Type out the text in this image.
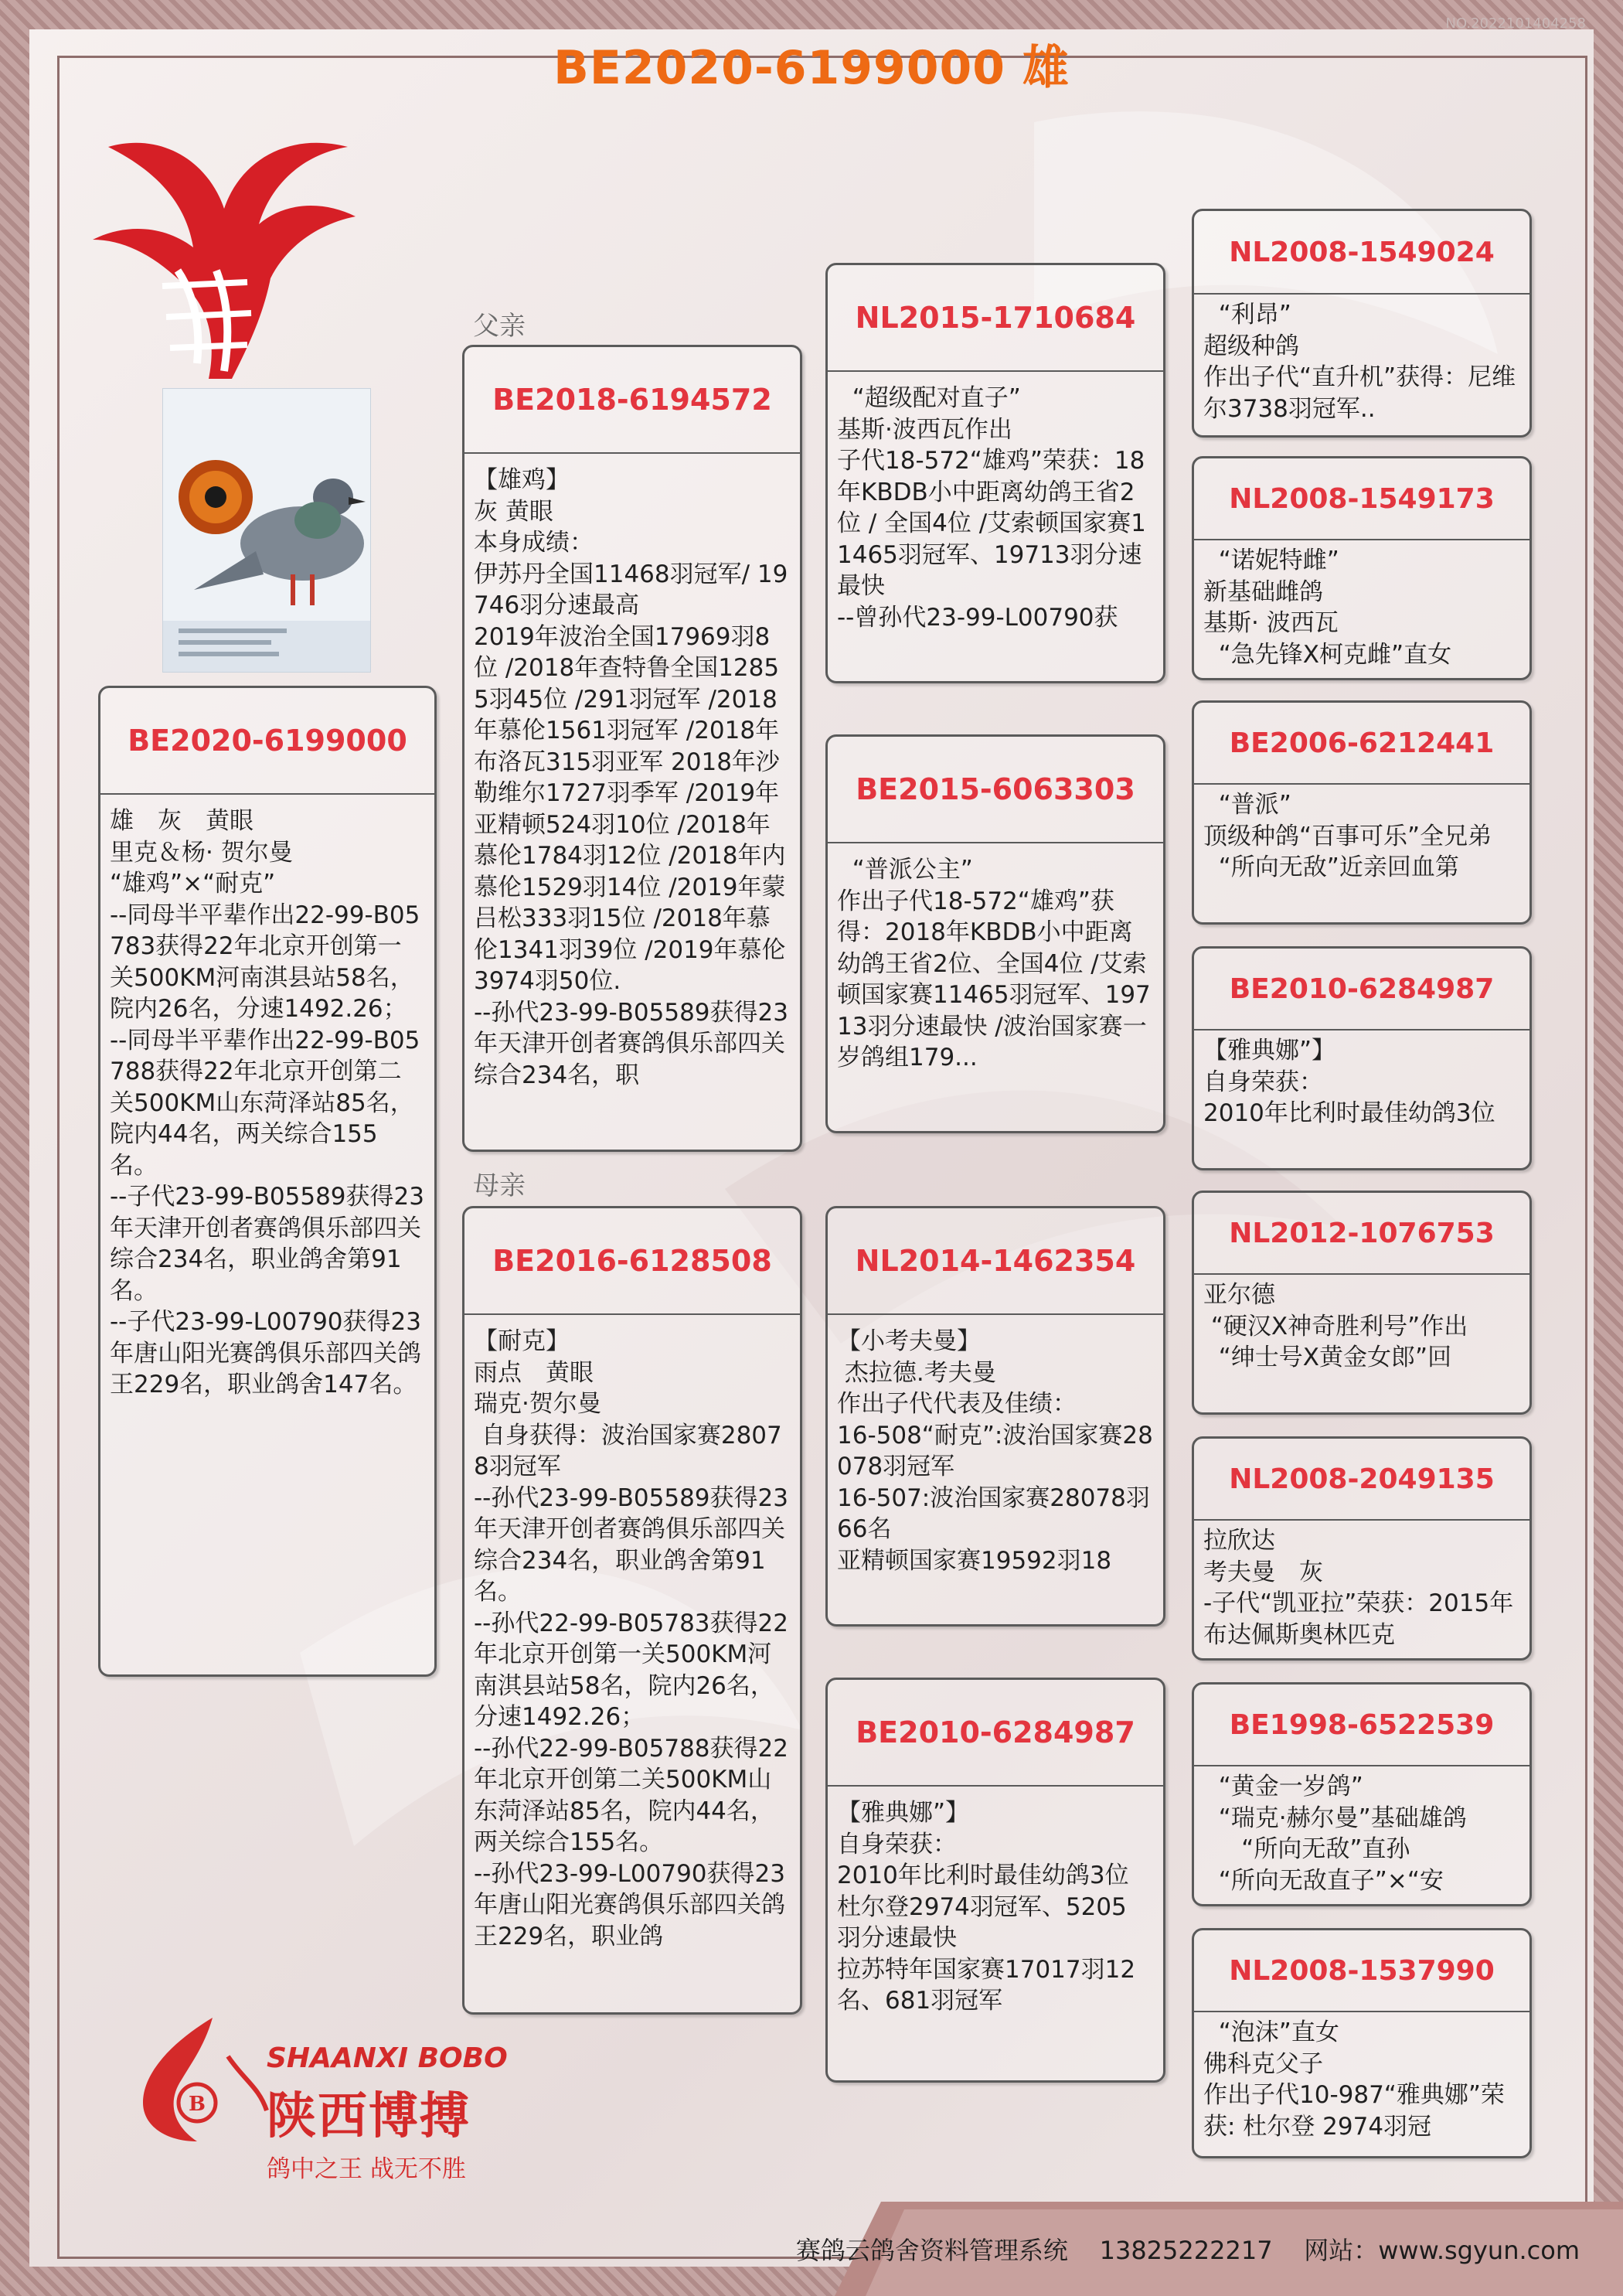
NO.2022101404258
BE2020-6199000 雄
父亲
母亲
BE2020-6199000
雄　灰　黄眼
里克＆杨· 贺尔曼
“雄鸡”×“耐克”
--同母半平辈作出22-99-B05783获得22年北京开创第一关500KM河南淇县站58名，院内26名，分速1492.26；
--同母半平辈作出22-99-B05788获得22年北京开创第二关500KM山东菏泽站85名，院内44名，两关综合155名。
--子代23-99-B05589获得23年天津开创者赛鸽俱乐部四关综合234名，职业鸽舍第91名。
--子代23-99-L00790获得23年唐山阳光赛鸽俱乐部四关鸽王229名，职业鸽舍147名。
BE2018-6194572
【雄鸡】
灰 黄眼
本身成绩：
伊苏丹全国11468羽冠军/ 19746羽分速最高
2019年波治全国17969羽8位 /2018年查特鲁全国12855羽45位 /291羽冠军 /2018年慕伦1561羽冠军 /2018年布洛瓦315羽亚军 2018年沙勒维尔1727羽季军 /2019年亚精顿524羽10位 /2018年慕伦1784羽12位 /2018年内慕伦1529羽14位 /2019年蒙吕松333羽15位 /2018年慕伦1341羽39位 /2019年慕伦3974羽50位.
--孙代23-99-B05589获得23年天津开创者赛鸽俱乐部四关综合234名，职
BE2016-6128508
【耐克】
雨点　黄眼
瑞克·贺尔曼
自身获得：波治国家赛28078羽冠军
--孙代23-99-B05589获得23年天津开创者赛鸽俱乐部四关综合234名，职业鸽舍第91名。
--孙代22-99-B05783获得22年北京开创第一关500KM河南淇县站58名，院内26名，分速1492.26；
--孙代22-99-B05788获得22年北京开创第二关500KM山东菏泽站85名，院内44名，两关综合155名。
--孙代23-99-L00790获得23年唐山阳光赛鸽俱乐部四关鸽王229名，职业鸽
NL2015-1710684
“超级配对直子”
基斯·波西瓦作出
子代18-572“雄鸡”荣获：18年KBDB小中距离幼鸽王省2位 / 全国4位 /艾索顿国家赛11465羽冠军、19713羽分速最快
--曾孙代23-99-L00790获
BE2015-6063303
“普派公主”
作出子代18-572“雄鸡”获得：2018年KBDB小中距离幼鸽王省2位、全国4位 /艾索顿国家赛11465羽冠军、19713羽分速最快 /波治国家赛一岁鸽组179...
NL2014-1462354
【小考夫曼】
杰拉德.考夫曼
作出子代代表及佳绩：
16-508“耐克”:波治国家赛28078羽冠军
16-507:波治国家赛28078羽66名
亚精顿国家赛19592羽18
BE2010-6284987
【雅典娜”】
自身荣获：
2010年比利时最佳幼鸽3位
杜尔登2974羽冠军、5205 羽分速最快
拉苏特年国家赛17017羽12名、681羽冠军
NL2008-1549024
“利昂”
超级种鸽
作出子代“直升机”获得：尼维尔3738羽冠军..
NL2008-1549173
“诺妮特雌”
新基础雌鸽
基斯· 波西瓦
“急先锋X柯克雌”直女
BE2006-6212441
“普派”
顶级种鸽“百事可乐”全兄弟
“所向无敌”近亲回血第
BE2010-6284987
【雅典娜”】
自身荣获：
2010年比利时最佳幼鸽3位
NL2012-1076753
亚尔德
“硬汉X神奇胜利号”作出
“绅士号X黄金女郎”回
NL2008-2049135
拉欣达
考夫曼　灰
-子代“凯亚拉”荣获：2015年布达佩斯奥林匹克
BE1998-6522539
“黄金一岁鸽”
“瑞克·赫尔曼”基础雄鸽
“所向无敌”直孙
“所向无敌直子”×“安
NL2008-1537990
“泡沫”直女
佛科克父子
作出子代10-987“雅典娜”荣获: 杜尔登 2974羽冠
B
SHAANXI BOBO
陕西博搏
鸽中之王 战无不胜
赛鸽云鸽舍资料管理系统 13825222217 网站：www.sgyun.com
